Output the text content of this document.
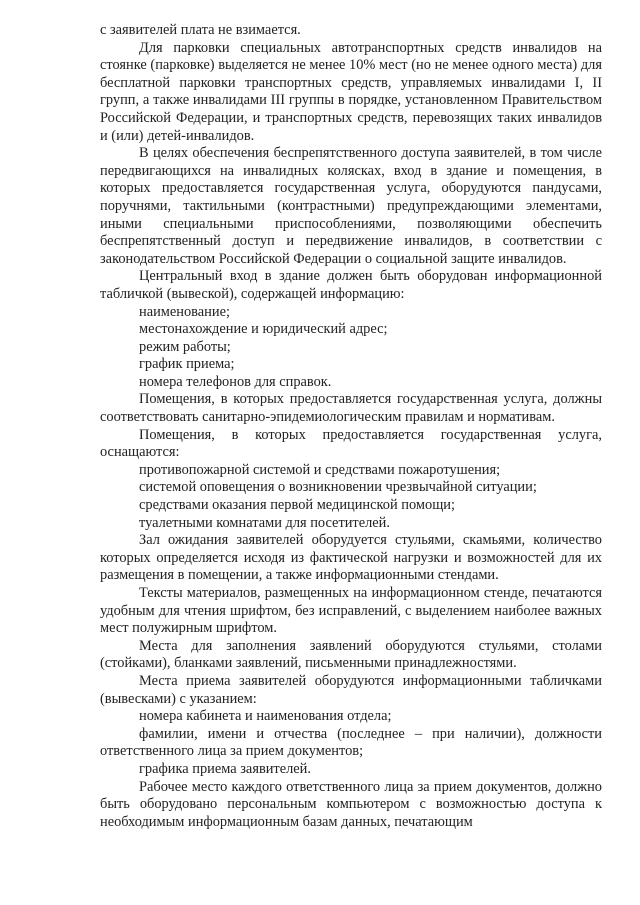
с заявителей плата не взимается.

Для парковки специальных автотранспортных средств инвалидов на стоянке (парковке) выделяется не менее 10% мест (но не менее одного места) для бесплатной парковки транспортных средств, управляемых инвалидами I, II групп, а также инвалидами III группы в порядке, установленном Правительством Российской Федерации, и транспортных средств, перевозящих таких инвалидов и (или) детей-инвалидов.

В целях обеспечения беспрепятственного доступа заявителей, в том числе передвигающихся на инвалидных колясках, вход в здание и помещения, в которых предоставляется государственная услуга, оборудуются пандусами, поручнями, тактильными (контрастными) предупреждающими элементами, иными специальными приспособлениями, позволяющими обеспечить беспрепятственный доступ и передвижение инвалидов, в соответствии с законодательством Российской Федерации о социальной защите инвалидов.

Центральный вход в здание должен быть оборудован информационной табличкой (вывеской), содержащей информацию:

наименование;

местонахождение и юридический адрес;

режим работы;

график приема;

номера телефонов для справок.

Помещения, в которых предоставляется государственная услуга, должны соответствовать санитарно-эпидемиологическим правилам и нормативам.

Помещения, в которых предоставляется государственная услуга, оснащаются:

противопожарной системой и средствами пожаротушения;

системой оповещения о возникновении чрезвычайной ситуации;

средствами оказания первой медицинской помощи;

туалетными комнатами для посетителей.

Зал ожидания заявителей оборудуется стульями, скамьями, количество которых определяется исходя из фактической нагрузки и возможностей для их размещения в помещении, а также информационными стендами.

Тексты материалов, размещенных на информационном стенде, печатаются удобным для чтения шрифтом, без исправлений, с выделением наиболее важных мест полужирным шрифтом.

Места для заполнения заявлений оборудуются стульями, столами (стойками), бланками заявлений, письменными принадлежностями.

Места приема заявителей оборудуются информационными табличками (вывесками) с указанием:

номера кабинета и наименования отдела;

фамилии, имени и отчества (последнее – при наличии), должности ответственного лица за прием документов;

графика приема заявителей.

Рабочее место каждого ответственного лица за прием документов, должно быть оборудовано персональным компьютером с возможностью доступа к необходимым информационным базам данных, печатающим
